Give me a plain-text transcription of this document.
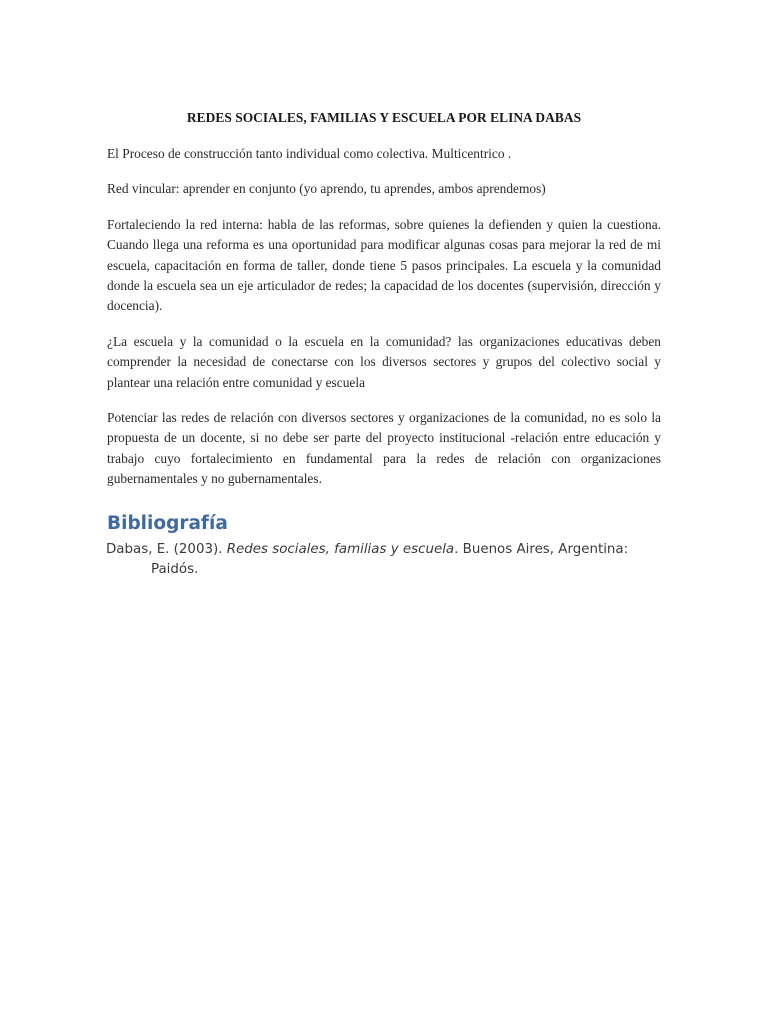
REDES SOCIALES, FAMILIAS Y ESCUELA POR ELINA DABAS

El Proceso de construcción tanto individual como colectiva. Multicentrico .

Red vincular: aprender en conjunto (yo aprendo, tu aprendes, ambos aprendemos)

Fortaleciendo la red interna: habla de las reformas, sobre quienes la defienden y quien la cuestiona. Cuando llega una reforma es una oportunidad para modificar algunas cosas para mejorar la red de mi escuela, capacitación en forma de taller, donde tiene 5 pasos principales. La escuela y la comunidad donde la escuela sea un eje articulador de redes; la capacidad de los docentes (supervisión, dirección y docencia).

¿La escuela y la comunidad o la escuela en la comunidad? las organizaciones educativas deben comprender la necesidad de conectarse con los diversos sectores y grupos del colectivo social y plantear una relación entre comunidad y escuela

Potenciar las redes de relación con diversos sectores y organizaciones de la comunidad, no es solo la propuesta de un docente, si no debe ser parte del proyecto institucional -relación entre educación y trabajo cuyo fortalecimiento en fundamental para la redes de relación con organizaciones gubernamentales y no gubernamentales.

Bibliografía

Dabas, E. (2003). Redes sociales, familias y escuela. Buenos Aires, Argentina: Paidós.
